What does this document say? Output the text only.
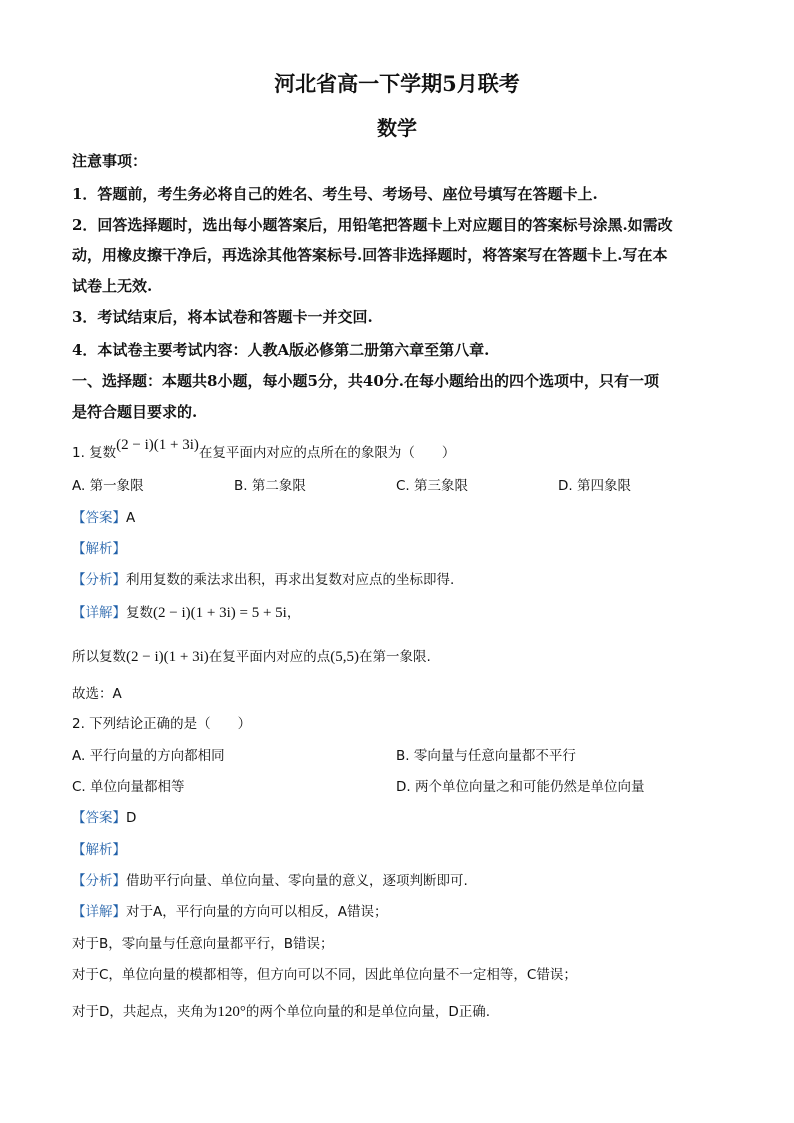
河北省高一下学期5月联考
数学
注意事项：
1．答题前，考生务必将自己的姓名、考生号、考场号、座位号填写在答题卡上.
2．回答选择题时，选出每小题答案后，用铅笔把答题卡上对应题目的答案标号涂黑.如需改
动，用橡皮擦干净后，再选涂其他答案标号.回答非选择题时，将答案写在答题卡上.写在本
试卷上无效.
3．考试结束后，将本试卷和答题卡一并交回.
4．本试卷主要考试内容：人教A版必修第二册第六章至第八章.
一、选择题：本题共8小题，每小题5分，共40分.在每小题给出的四个选项中，只有一项
是符合题目要求的.
1. 复数(2 − i)(1 + 3i)在复平面内对应的点所在的象限为（　　）
A. 第一象限	B. 第二象限	C. 第三象限	D. 第四象限
【答案】A
【解析】
【分析】利用复数的乘法求出积，再求出复数对应点的坐标即得.
【详解】复数(2 − i)(1 + 3i) = 5 + 5i，
所以复数(2 − i)(1 + 3i)在复平面内对应的点(5,5)在第一象限.
故选：A
2. 下列结论正确的是（　　）
A. 平行向量的方向都相同	B. 零向量与任意向量都不平行
C. 单位向量都相等	D. 两个单位向量之和可能仍然是单位向量
【答案】D
【解析】
【分析】借助平行向量、单位向量、零向量的意义，逐项判断即可.
【详解】对于A，平行向量的方向可以相反，A错误；
对于B，零向量与任意向量都平行，B错误；
对于C，单位向量的模都相等，但方向可以不同，因此单位向量不一定相等，C错误；
对于D，共起点，夹角为120°的两个单位向量的和是单位向量，D正确.
